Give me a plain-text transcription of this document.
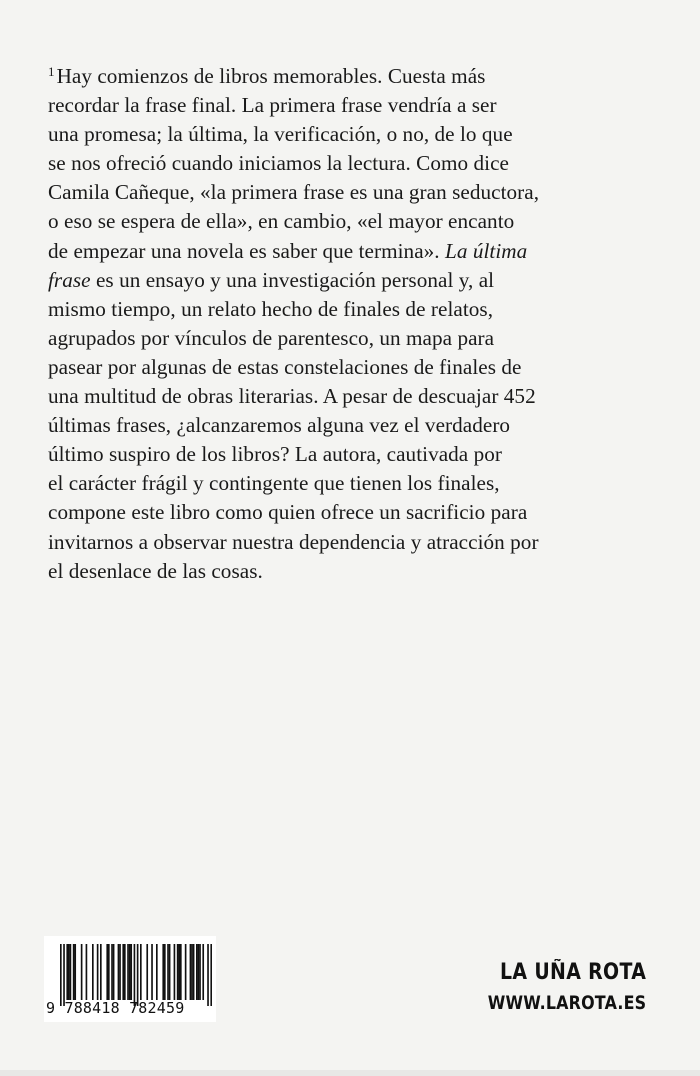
$^1$Hay comienzos de libros memorables. Cuesta más
recordar la frase final. La primera frase vendría a ser
una promesa; la última, la verificación, o no, de lo que
se nos ofreció cuando iniciamos la lectura. Como dice
Camila Cañeque, «la primera frase es una gran seductora,
o eso se espera de ella», en cambio, «el mayor encanto
de empezar una novela es saber que termina». La última
frase es un ensayo y una investigación personal y, al
mismo tiempo, un relato hecho de finales de relatos,
agrupados por vínculos de parentesco, un mapa para
pasear por algunas de estas constelaciones de finales de
una multitud de obras literarias. A pesar de descuajar 452
últimas frases, ¿alcanzaremos alguna vez el verdadero
último suspiro de los libros? La autora, cautivada por
el carácter frágil y contingente que tienen los finales,
compone este libro como quien ofrece un sacrificio para
invitarnos a observar nuestra dependencia y atracción por
el desenlace de las cosas.

9 788418 782459
LA UÑA ROTA
WWW.LAROTA.ES
